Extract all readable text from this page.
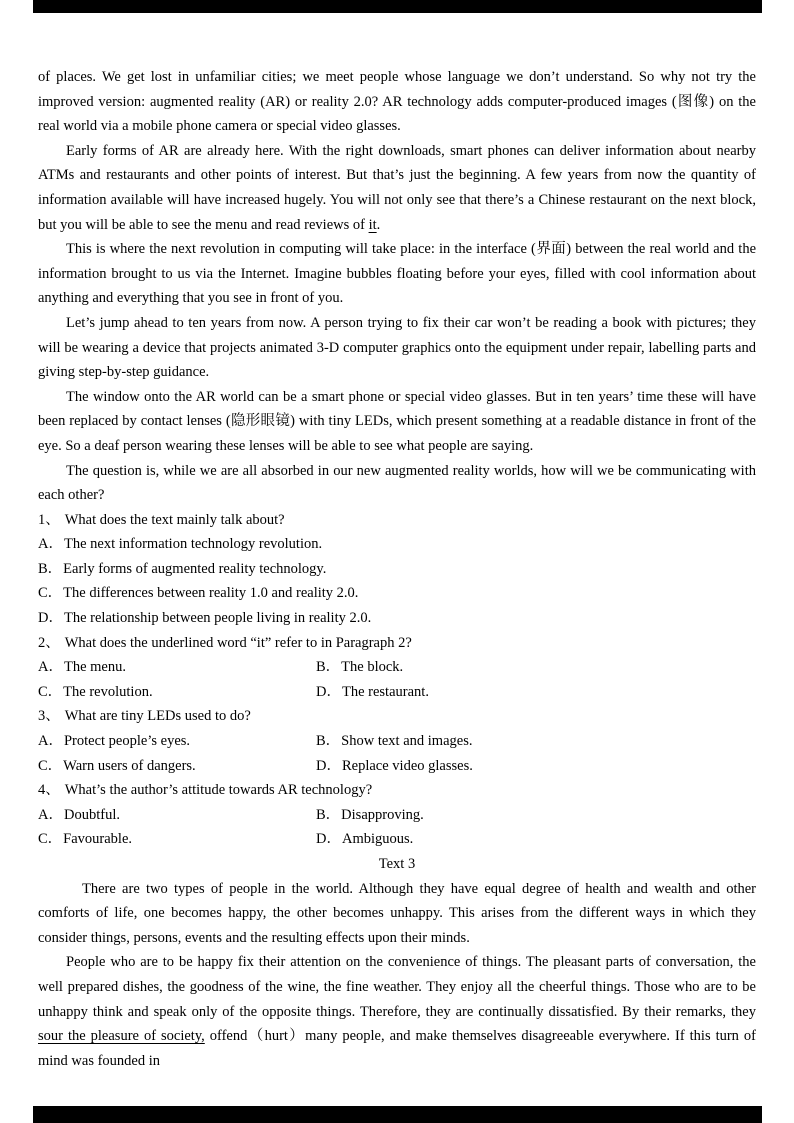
of places. We get lost in unfamiliar cities; we meet people whose language we don’t understand. So why not try the improved version: augmented reality (AR) or reality 2.0? AR technology adds computer-produced images (图像) on the real world via a mobile phone camera or special video glasses.

Early forms of AR are already here. With the right downloads, smart phones can deliver information about nearby ATMs and restaurants and other points of interest. But that’s just the beginning. A few years from now the quantity of information available will have increased hugely. You will not only see that there’s a Chinese restaurant on the next block, but you will be able to see the menu and read reviews of it.

This is where the next revolution in computing will take place: in the interface (界面) between the real world and the information brought to us via the Internet. Imagine bubbles floating before your eyes, filled with cool information about anything and everything that you see in front of you.

Let’s jump ahead to ten years from now. A person trying to fix their car won’t be reading a book with pictures; they will be wearing a device that projects animated 3-D computer graphics onto the equipment under repair, labelling parts and giving step-by-step guidance.

The window onto the AR world can be a smart phone or special video glasses. But in ten years’ time these will have been replaced by contact lenses (隐形眼镜) with tiny LEDs, which present something at a readable distance in front of the eye. So a deaf person wearing these lenses will be able to see what people are saying.

The question is, while we are all absorbed in our new augmented reality worlds, how will we be communicating with each other?

1、 What does the text mainly talk about?

A．The next information technology revolution.

B．Early forms of augmented reality technology.

C．The differences between reality 1.0 and reality 2.0.

D．The relationship between people living in reality 2.0.

2、 What does the underlined word “it” refer to in Paragraph 2?

A．The menu.	B．The block.

C．The revolution.	D．The restaurant.

3、 What are tiny LEDs used to do?

A．Protect people’s eyes.	B．Show text and images.

C．Warn users of dangers.	D．Replace video glasses.

4、 What’s the author’s attitude towards AR technology?

A．Doubtful.	B．Disapproving.

C．Favourable.	D．Ambiguous.

Text 3

There are two types of people in the world. Although they have equal degree of health and wealth and other comforts of life, one becomes happy, the other becomes unhappy. This arises from the different ways in which they consider things, persons, events and the resulting effects upon their minds.

People who are to be happy fix their attention on the convenience of things. The pleasant parts of conversation, the well prepared dishes, the goodness of the wine, the fine weather. They enjoy all the cheerful things. Those who are to be unhappy think and speak only of the opposite things. Therefore, they are continually dissatisfied. By their remarks, they sour the pleasure of society, offend（hurt）many people, and make themselves disagreeable everywhere. If this turn of mind was founded in
